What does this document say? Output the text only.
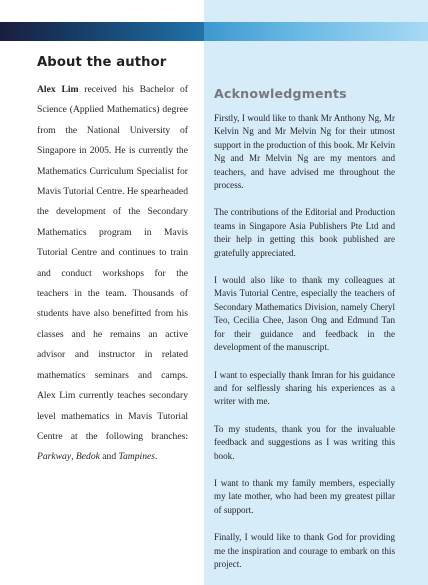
About the author

Alex Lim received his Bachelor of Science (Applied Mathematics) degree from the National University of Singapore in 2005. He is currently the Mathematics Curriculum Specialist for Mavis Tutorial Centre. He spearheaded the development of the Secondary Mathematics program in Mavis Tutorial Centre and continues to train and conduct workshops for the teachers in the team. Thousands of students have also benefitted from his classes and he remains an active advisor and instructor in related mathematics seminars and camps. Alex Lim currently teaches secondary level mathematics in Mavis Tutorial Centre at the following branches: Parkway, Bedok and Tampines.

Acknowledgments

Firstly, I would like to thank Mr Anthony Ng, Mr Kelvin Ng and Mr Melvin Ng for their utmost support in the production of this book. Mr Kelvin Ng and Mr Melvin Ng are my mentors and teachers, and have advised me throughout the process.

The contributions of the Editorial and Production teams in Singapore Asia Publishers Pte Ltd and their help in getting this book published are gratefully appreciated.

I would also like to thank my colleagues at Mavis Tutorial Centre, especially the teachers of Secondary Mathematics Division, namely Cheryl Teo, Cecilia Chee, Jason Ong and Edmund Tan for their guidance and feedback in the development of the manuscript.

I want to especially thank Imran for his guidance and for selflessly sharing his experiences as a writer with me.

To my students, thank you for the invaluable feedback and suggestions as I was writing this book.

I want to thank my family members, especially my late mother, who had been my greatest pillar of support.

Finally, I would like to thank God for providing me the inspiration and courage to embark on this project.
